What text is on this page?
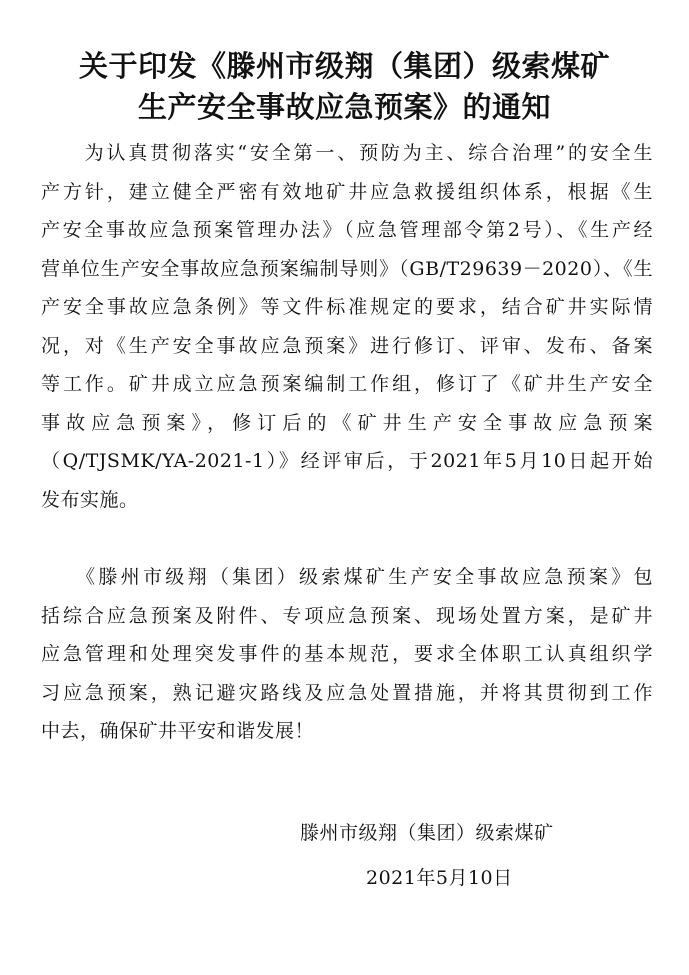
关于印发《滕州市级翔（集团）级索煤矿
生产安全事故应急预案》的通知
　　为认真贯彻落实“安全第一、预防为主、综合治理”的安全生
产方针，建立健全严密有效地矿井应急救援组织体系，根据《生
产安全事故应急预案管理办法》（应急管理部令第2号）、《生产经
营单位生产安全事故应急预案编制导则》（GB/T29639－2020）、《生
产安全事故应急条例》等文件标准规定的要求，结合矿井实际情
况，对《生产安全事故应急预案》进行修订、评审、发布、备案
等工作。矿井成立应急预案编制工作组，修订了《矿井生产安全
事故应急预案》，修订后的《矿井生产安全事故应急预案
（Q/TJSMK/YA-2021-1）》经评审后，于2021年5月10日起开始
发布实施。
　　《滕州市级翔（集团）级索煤矿生产安全事故应急预案》包
括综合应急预案及附件、专项应急预案、现场处置方案，是矿井
应急管理和处理突发事件的基本规范，要求全体职工认真组织学
习应急预案，熟记避灾路线及应急处置措施，并将其贯彻到工作
中去，确保矿井平安和谐发展！
滕州市级翔（集团）级索煤矿
2021年5月10日
